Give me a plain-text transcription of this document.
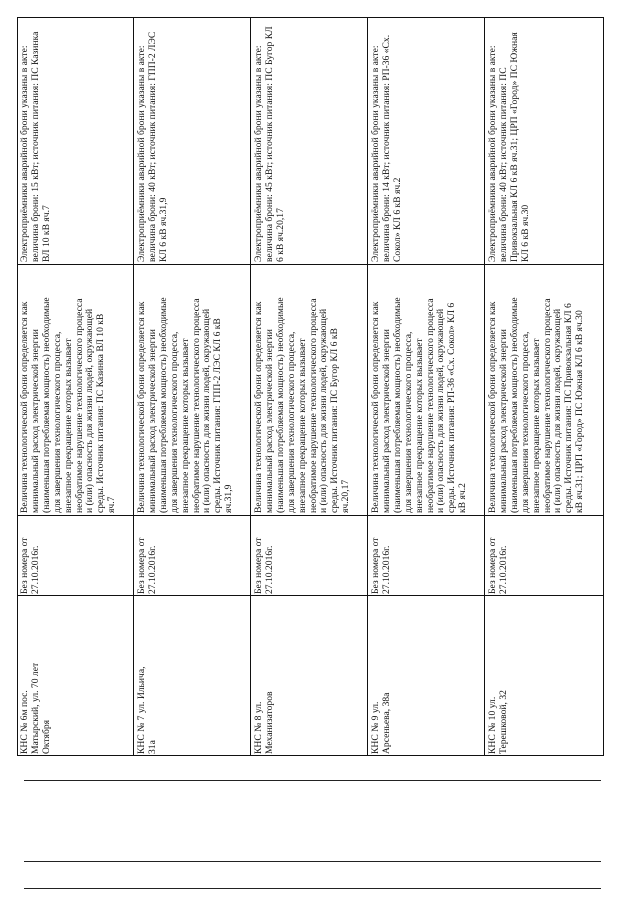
КНС № 6м пос.
Матырский, ул. 70 лет
Октября
Без номера от
27.10.2016г.
Величина технологической брони определяется как
минимальный расход электрической энергии
(наименьшая потребляемая мощность) необходимые
для завершения технологического процесса,
внезапное прекращение которых вызывает
необратимое нарушение технологического процесса
и (или) опасность для жизни людей, окружающей
среды. Источник питания: ПС Казинка ВЛ 10 кВ
яч.7
Электроприёмники аварийной брони указаны в акте:
величина брони: 15 кВт; источник питания: ПС Казинка
ВЛ 10 кВ яч.7
КНС № 7 ул. Ильича,
31а
Без номера от
27.10.2016г.
Величина технологической брони определяется как
минимальный расход электрической энергии
(наименьшая потребляемая мощность) необходимые
для завершения технологического процесса,
внезапное прекращение которых вызывает
необратимое нарушение технологического процесса
и (или) опасность для жизни людей, окружающей
среды. Источник питания: ГПП-2 ЛЭС КЛ 6 кВ
яч.31,9
Электроприёмники аварийной брони указаны в акте:
величина брони: 40 кВт; источник питания: ГПП-2 ЛЭС
КЛ 6 кВ яч.31,9
КНС № 8 ул.
Механизаторов
Без номера от
27.10.2016г.
Величина технологической брони определяется как
минимальный расход электрической энергии
(наименьшая потребляемая мощность) необходимые
для завершения технологического процесса,
внезапное прекращение которых вызывает
необратимое нарушение технологического процесса
и (или) опасность для жизни людей, окружающей
среды. Источник питания: ПС Бугор КЛ 6 кВ
яч.20,17
Электроприёмники аварийной брони указаны в акте:
величина брони: 45 кВт; источник питания: ПС Бугор КЛ
6 кВ яч.20,17
КНС № 9 ул.
Арсеньева, 38а
Без номера от
27.10.2016г.
Величина технологической брони определяется как
минимальный расход электрической энергии
(наименьшая потребляемая мощность) необходимые
для завершения технологического процесса,
внезапное прекращение которых вызывает
необратимое нарушение технологического процесса
и (или) опасность для жизни людей, окружающей
среды. Источник питания: РП-36 «Сх. Сокол» КЛ 6
кВ яч.2
Электроприёмники аварийной брони указаны в акте:
величина брони: 14 кВт; источник питания: РП-36 «Сх.
Сокол» КЛ 6 кВ яч.2
КНС № 10 ул.
Терешковой, 32
Без номера от
27.10.2016г.
Величина технологической брони определяется как
минимальный расход электрической энергии
(наименьшая потребляемая мощность) необходимые
для завершения технологического процесса,
внезапное прекращение которых вызывает
необратимое нарушение технологического процесса
и (или) опасность для жизни людей, окружающей
среды. Источник питания: ПС Привокзальная КЛ 6
кВ яч.31; ЦРП «Город» ПС Южная КЛ 6 кВ яч.30
Электроприёмники аварийной брони указаны в акте:
величина брони: 40 кВт; источник питания: ПС
Привокзальная КЛ 6 кВ яч.31; ЦРП «Город» ПС Южная
КЛ 6 кВ яч.30
